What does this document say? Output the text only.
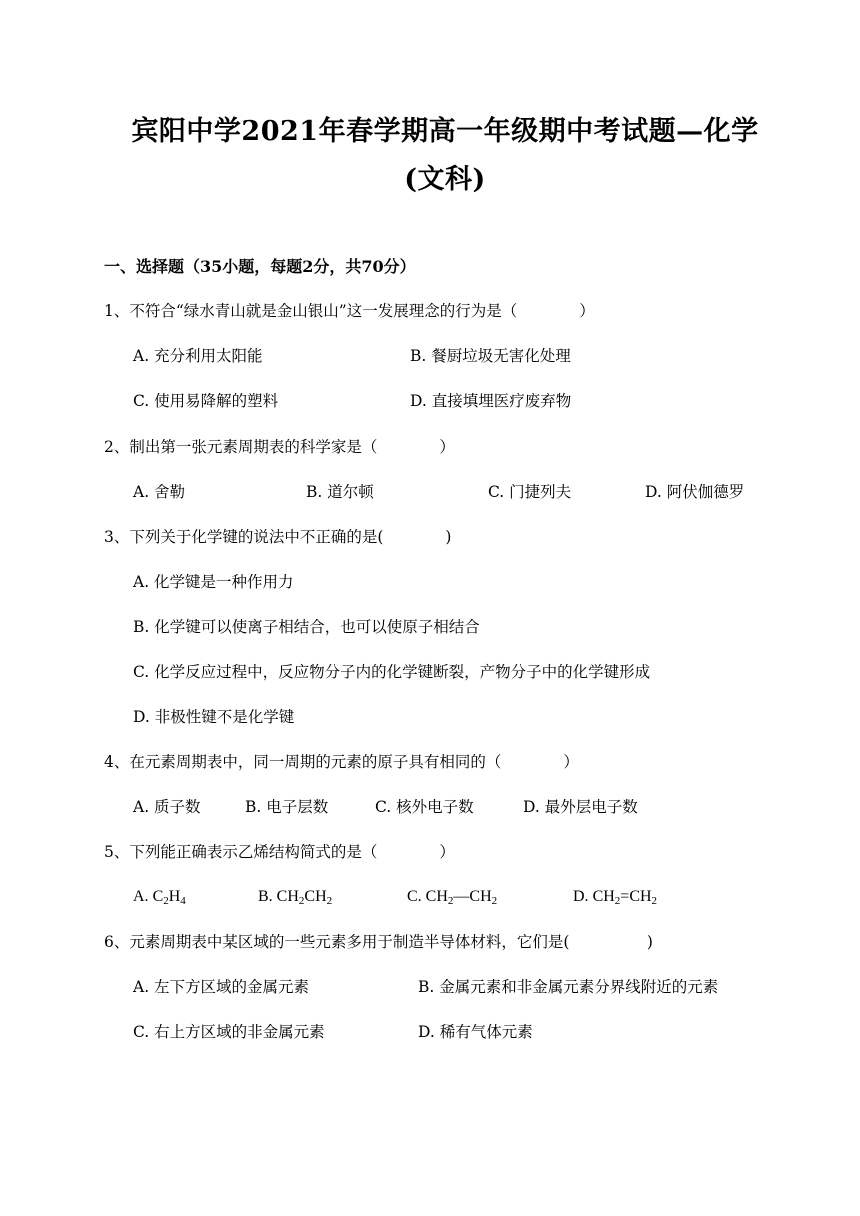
宾阳中学2021年春学期高一年级期中考试题—化学(文科)
一、选择题（35小题，每题2分，共70分）
1、不符合“绿水青山就是金山银山”这一发展理念的行为是（　　　　）
A. 充分利用太阳能	B. 餐厨垃圾无害化处理
C. 使用易降解的塑料	D. 直接填埋医疗废弃物
2、制出第一张元素周期表的科学家是（　　　　）
A. 舍勒	B. 道尔顿	C. 门捷列夫	D. 阿伏伽德罗
3、下列关于化学键的说法中不正确的是(　　　　)
A. 化学键是一种作用力
B. 化学键可以使离子相结合，也可以使原子相结合
C. 化学反应过程中，反应物分子内的化学键断裂，产物分子中的化学键形成
D. 非极性键不是化学键
4、在元素周期表中，同一周期的元素的原子具有相同的（　　　　）
A. 质子数	B. 电子层数	C. 核外电子数	D. 最外层电子数
5、下列能正确表示乙烯结构简式的是（　　　　）
A. $C_2H_4$	B. $CH_2CH_2$	C. $CH_2—CH_2$	D. $CH_2=CH_2$
6、元素周期表中某区域的一些元素多用于制造半导体材料，它们是(　　　　　)
A. 左下方区域的金属元素	B. 金属元素和非金属元素分界线附近的元素
C. 右上方区域的非金属元素	D. 稀有气体元素
